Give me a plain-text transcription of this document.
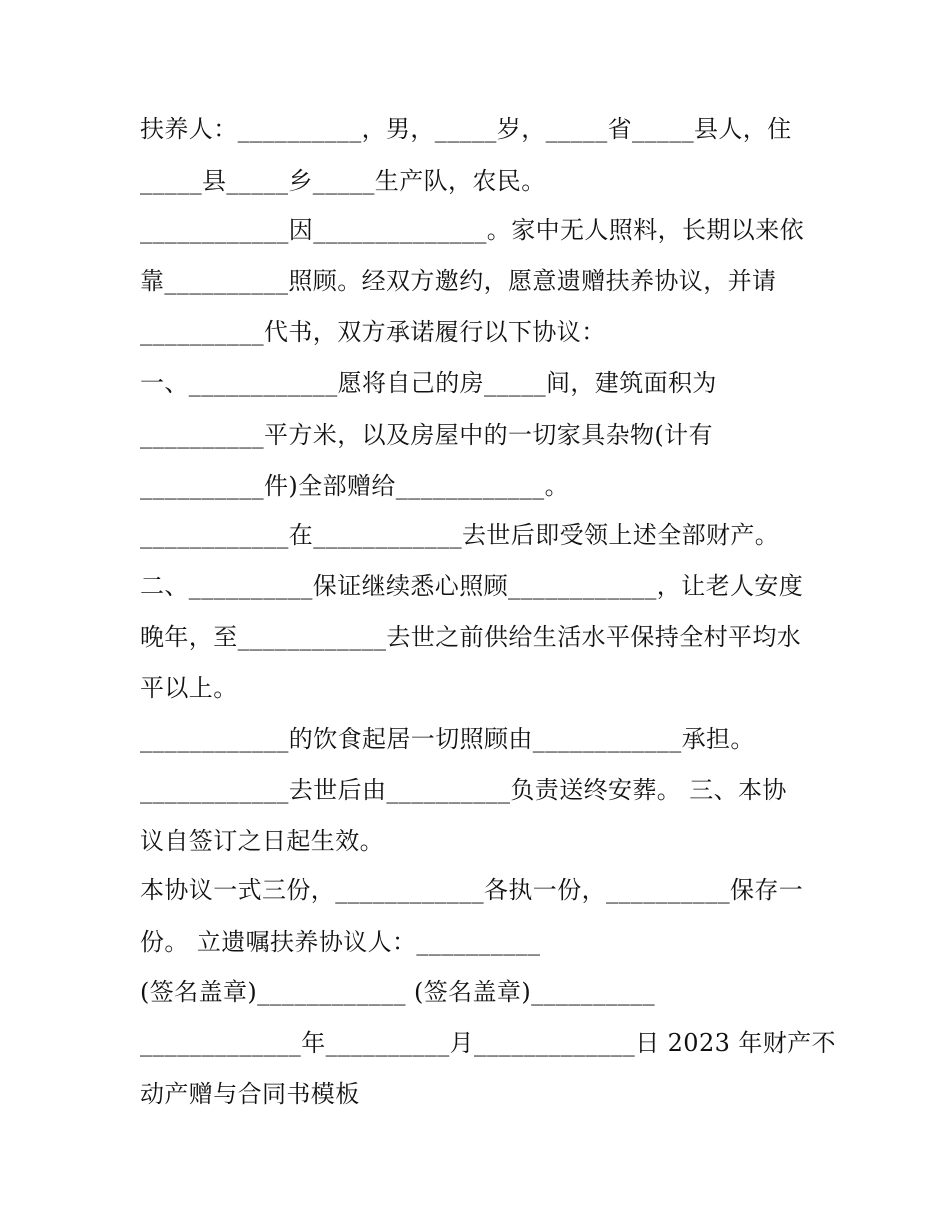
扶养人：__________，男，_____岁，_____省_____县人，住
_____县_____乡_____生产队，农民。
____________因______________。家中无人照料，长期以来依
靠__________照顾。经双方邀约，愿意遗赠扶养协议，并请
__________代书，双方承诺履行以下协议：
一、____________愿将自己的房_____间，建筑面积为
__________平方米，以及房屋中的一切家具杂物(计有
__________件)全部赠给____________。
____________在____________去世后即受领上述全部财产。
二、__________保证继续悉心照顾____________，让老人安度
晚年，至____________去世之前供给生活水平保持全村平均水
平以上。
____________的饮食起居一切照顾由____________承担。
____________去世后由__________负责送终安葬。 三、本协
议自签订之日起生效。
本协议一式三份，____________各执一份，__________保存一
份。 立遗嘱扶养协议人：__________
(签名盖章)____________ (签名盖章)__________
_____________年__________月_____________日 2023 年财产不
动产赠与合同书模板
